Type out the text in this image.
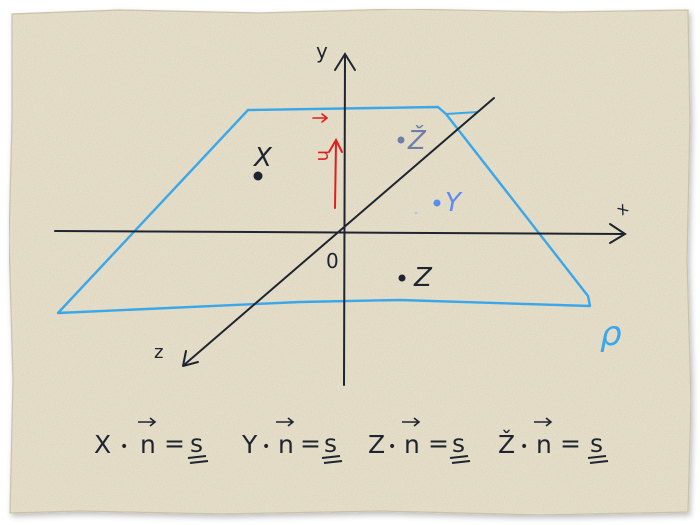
n
y
x
z
0
ρ
X
Ž
Y
Z
X • n = s Y • n = s Z • n = s Ž • n = s
